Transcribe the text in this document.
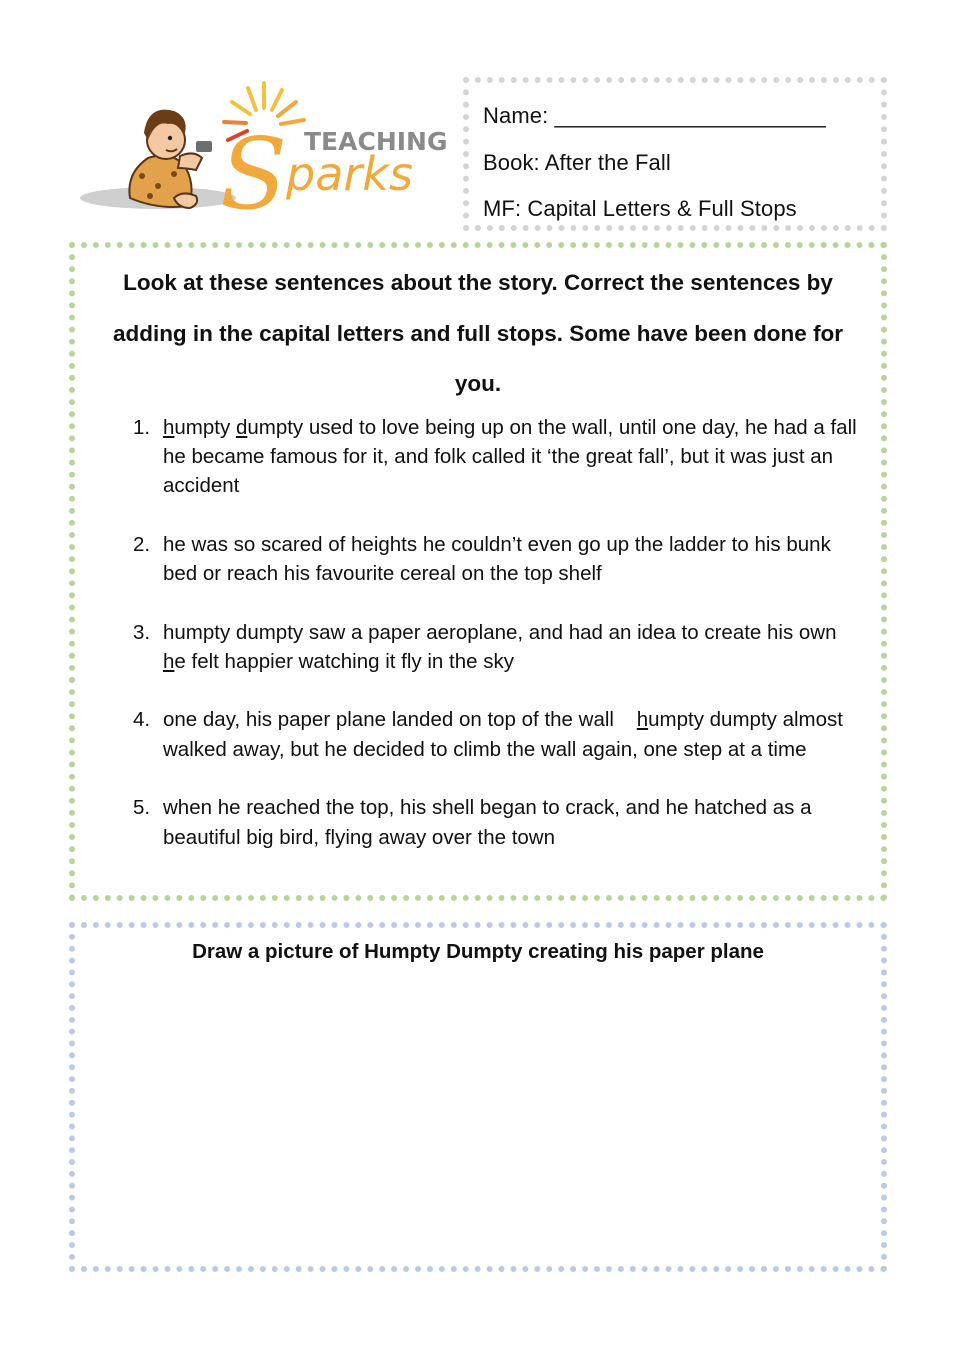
S TEACHING
parks
Name: ______________________
Book: After the Fall
MF: Capital Letters & Full Stops
Look at these sentences about the story. Correct the sentences by adding in the capital letters and full stops. Some have been done for you.
1. humpty dumpty used to love being up on the wall, until one day, he had a fall    he became famous for it, and folk called it ‘the great fall’, but it was just an accident
2. he was so scared of heights he couldn’t even go up the ladder to his bunk bed or reach his favourite cereal on the top shelf
3. humpty dumpty saw a paper aeroplane, and had an idea to create his own   he felt happier watching it fly in the sky
4. one day, his paper plane landed on top of the wall    humpty dumpty almost walked away, but he decided to climb the wall again, one step at a time
5. when he reached the top, his shell began to crack, and he hatched as a beautiful big bird, flying away over the town
Draw a picture of Humpty Dumpty creating his paper plane
